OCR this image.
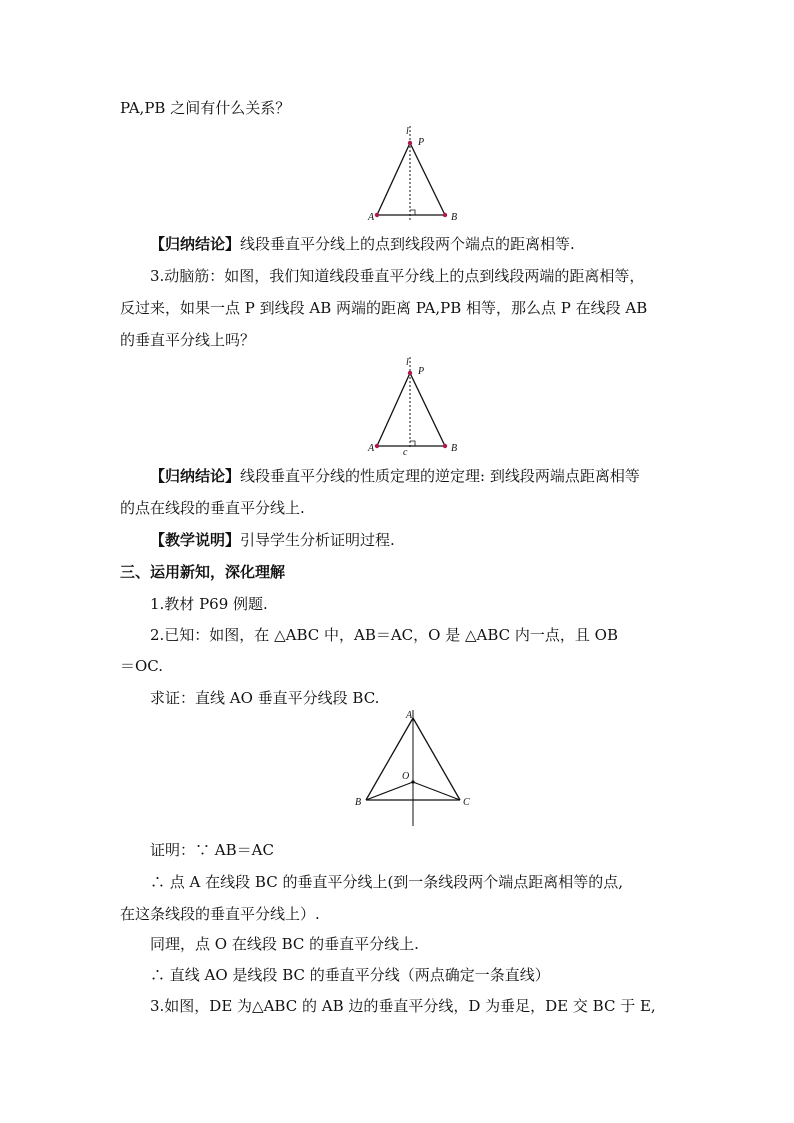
PA,PB 之间有什么关系？
l
P
A	B
【归纳结论】线段垂直平分线上的点到线段两个端点的距离相等.
3.动脑筋：如图，我们知道线段垂直平分线上的点到线段两端的距离相等，
反过来，如果一点 P 到线段 AB 两端的距离 PA,PB 相等，那么点 P 在线段 AB
的垂直平分线上吗？
l
P
A	B
c
【归纳结论】线段垂直平分线的性质定理的逆定理: 到线段两端点距离相等
的点在线段的垂直平分线上.
【教学说明】引导学生分析证明过程.
三、运用新知，深化理解
1.教材 P69 例题.
2.已知：如图，在 △ABC 中，AB＝AC，O 是 △ABC 内一点，且 OB
＝OC.
求证：直线 AO 垂直平分线段 BC.
A
O
B	C
证明：∵ AB＝AC
∴ 点 A 在线段 BC 的垂直平分线上(到一条线段两个端点距离相等的点,
在这条线段的垂直平分线上）.
同理，点 O 在线段 BC 的垂直平分线上.
∴ 直线 AO 是线段 BC 的垂直平分线（两点确定一条直线）
3.如图，DE 为△ABC 的 AB 边的垂直平分线，D 为垂足，DE 交 BC 于 E,
